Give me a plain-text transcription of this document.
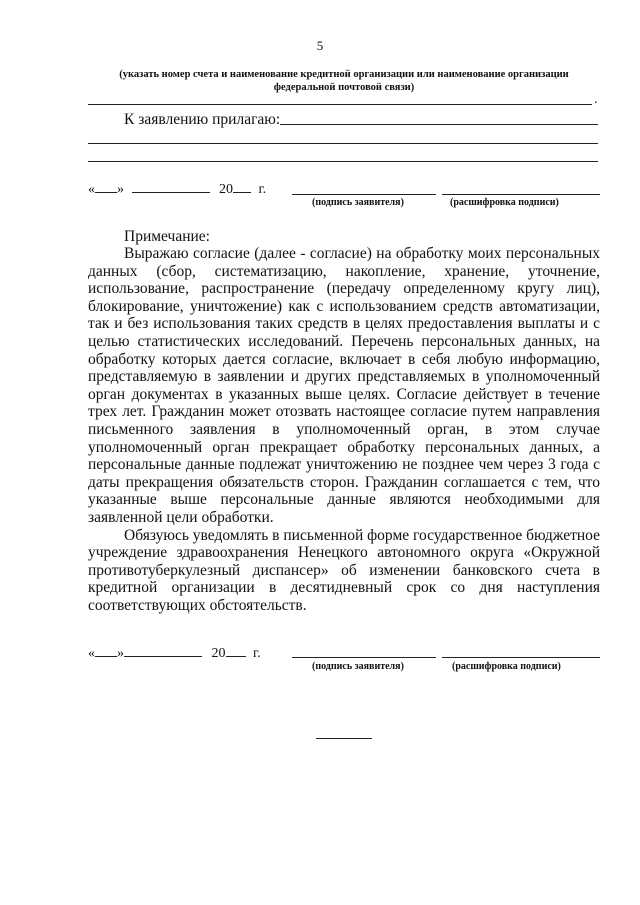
5
(указать номер счета и наименование кредитной организации или наименование организации федеральной почтовой связи)
.
К заявлению прилагаю:
« »	20 г.
(подпись заявителя)	(расшифровка подписи)
Примечание:

Выражаю согласие (далее - согласие) на обработку моих персональных данных (сбор, систематизацию, накопление, хранение, уточнение, использование, распространение (передачу определенному кругу лиц), блокирование, уничтожение) как с использованием средств автоматизации, так и без использования таких средств в целях предоставления выплаты и с целью статистических исследований. Перечень персональных данных, на обработку которых дается согласие, включает в себя любую информацию, представляемую в заявлении и других представляемых в уполномоченный орган документах в указанных выше целях. Согласие действует в течение трех лет. Гражданин может отозвать настоящее согласие путем направления письменного заявления в уполномоченный орган, в этом случае уполномоченный орган прекращает обработку персональных данных, а персональные данные подлежат уничтожению не позднее чем через 3 года с даты прекращения обязательств сторон. Гражданин соглашается с тем, что указанные выше персональные данные являются необходимыми для заявленной цели обработки.

Обязуюсь уведомлять в письменной форме государственное бюджетное учреждение здравоохранения Ненецкого автономного округа «Окружной противотуберкулезный диспансер» об изменении банковского счета в кредитной организации в десятидневный срок со дня наступления соответствующих обстоятельств.

« »	20 г.
(подпись заявителя)	(расшифровка подписи)
